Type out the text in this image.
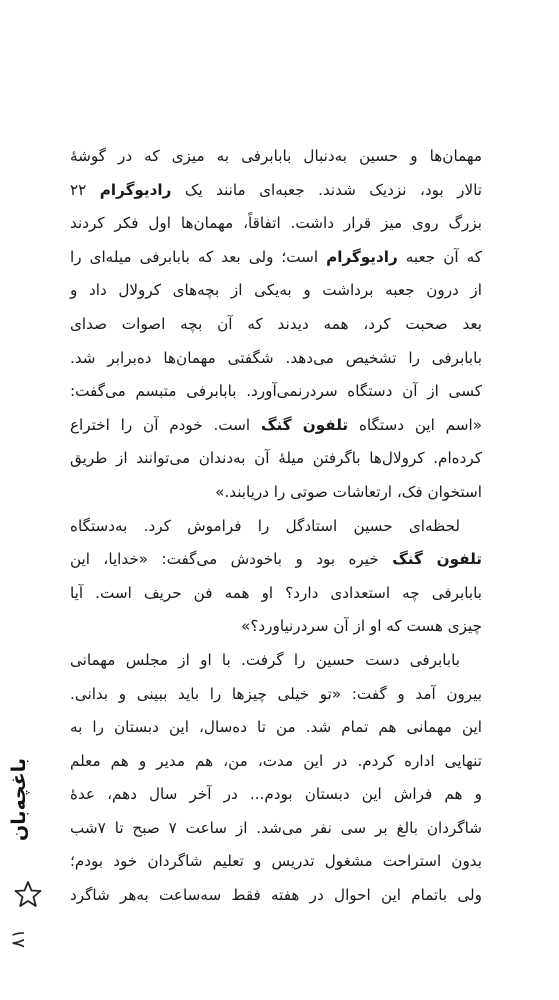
مهمان‌ها و حسین به‌دنبال بابابرفی به میزی که در گوشهٔ
تالار بود، نزدیک شدند. جعبه‌ای مانند یک رادیوگرام ۲۲
بزرگ روی میز قرار داشت. اتفاقاً، مهمان‌ها اول فکر کردند
که آن جعبه رادیوگرام است؛ ولی بعد که بابابرفی میله‌ای را
از درون جعبه برداشت و به‌یکی از بچه‌های کرولال داد و
بعد صحبت کرد، همه دیدند که آن بچه اصوات صدای
بابابرفی را تشخیص می‌دهد. شگفتی مهمان‌ها ده‌برابر شد.
کسی از آن دستگاه سردرنمی‌آورد. بابابرفی متبسم می‌گفت:
«اسم این دستگاه تلفون گنگ است. خودم آن را اختراع
کرده‌ام. کرولال‌ها باگرفتن میلهٔ آن به‌دندان می‌توانند از طریق
استخوان فک، ارتعاشات صوتی را دریابند.»
لحظه‌ای حسین استادگل را فراموش کرد. به‌دستگاه
تلفون گنگ خیره بود و باخودش می‌گفت: «خدایا، این
بابابرفی چه استعدادی دارد؟ او همه فن حریف است. آیا
چیزی هست که او از آن سردرنیاورد؟»
بابابرفی دست حسین را گرفت. با او از مجلس مهمانی
بیرون آمد و گفت: «تو خیلی چیزها را باید ببینی و بدانی.
این مهمانی هم تمام شد. من تا ده‌سال، این دبستان را به
تنهایی اداره کردم. در این مدت، من، هم مدیر و هم معلم
و هم فراش این دبستان بودم... در آخر سال دهم، عدهٔ
شاگردان بالغ بر سی نفر می‌شد. از ساعت ۷ صبح تا ۷شب
بدون استراحت مشغول تدریس و تعلیم شاگردان خود بودم؛
ولی باتمام این احوال در هفته فقط سه‌ساعت به‌هر شاگرد
باغچه‌بان
۸۱
